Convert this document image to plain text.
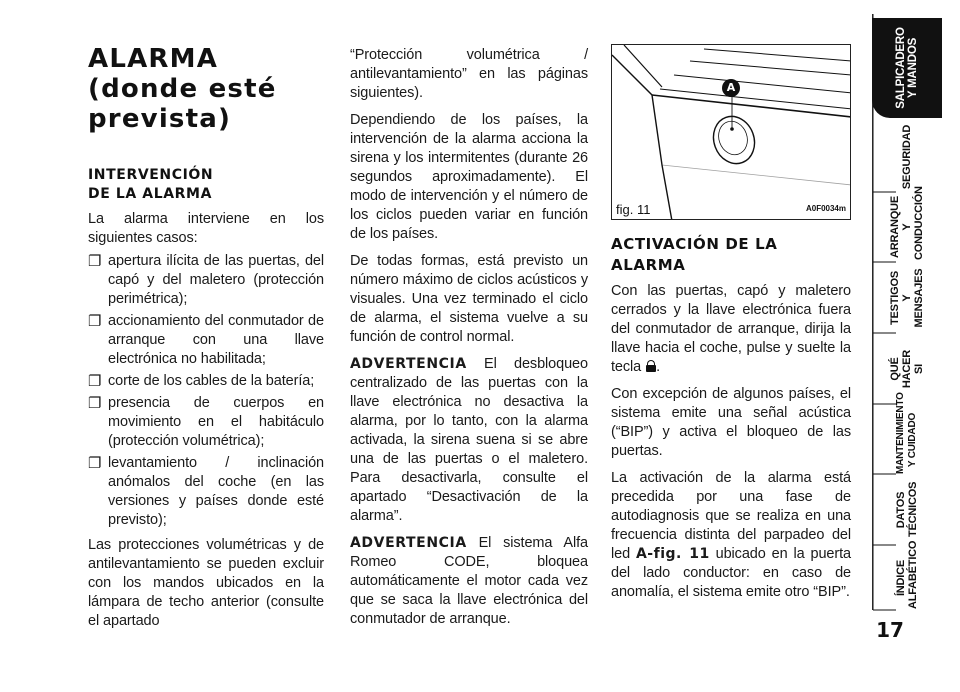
ALARMA
(donde esté
prevista)
INTERVENCIÓN
DE LA ALARMA

La alarma interviene en los siguientes casos:

❐ apertura ilícita de las puertas, del capó y del maletero (protección perimétrica);
❐ accionamiento del conmutador de arranque con una llave electrónica no habilitada;
❐ corte de los cables de la batería;
❐ presencia de cuerpos en movimiento en el habitáculo (protección volumétrica);
❐ levantamiento / inclinación anómalos del coche (en las versiones y países donde esté previsto);

Las protecciones volumétricas y de antilevantamiento se pueden excluir con los mandos ubicados en la lámpara de techo anterior (consulte el apartado

“Protección volumétrica / antilevantamiento” en las páginas siguientes).

Dependiendo de los países, la intervención de la alarma acciona la sirena y los intermitentes (durante 26 segundos aproximadamente). El modo de intervención y el número de los ciclos pueden variar en función de los países.

De todas formas, está previsto un número máximo de ciclos acústicos y visuales. Una vez terminado el ciclo de alarma, el sistema vuelve a su función de control normal.

ADVERTENCIA El desbloqueo centralizado de las puertas con la llave electrónica no desactiva la alarma, por lo tanto, con la alarma activada, la sirena suena si se abre una de las puertas o el maletero. Para desactivarla, consulte el apartado “Desactivación de la alarma”.

ADVERTENCIA El sistema Alfa Romeo CODE, bloquea automáticamente el motor cada vez que se saca la llave electrónica del conmutador de arranque.

A
fig. 11	A0F0034m
ACTIVACIÓN DE LA
ALARMA

Con las puertas, capó y maletero cerrados y la llave electrónica fuera del conmutador de arranque, dirija la llave hacia el coche, pulse y suelte la tecla .

Con excepción de algunos países, el sistema emite una señal acústica (“BIP”) y activa el bloqueo de las puertas.

La activación de la alarma está precedida por una fase de autodiagnosis que se realiza en una frecuencia distinta del parpadeo del led A-fig. 11 ubicado en la puerta del lado conductor: en caso de anomalía, el sistema emite otro “BIP”.

SALPICADERO Y MANDOS
SEGURIDAD
ARRANQUE Y CONDUCCIÓN
TESTIGOS Y MENSAJES
QUÉ HACER SI
MANTENIMIENTO Y CUIDADO
DATOS TÉCNICOS
ÍNDICE ALFABÉTICO
17
